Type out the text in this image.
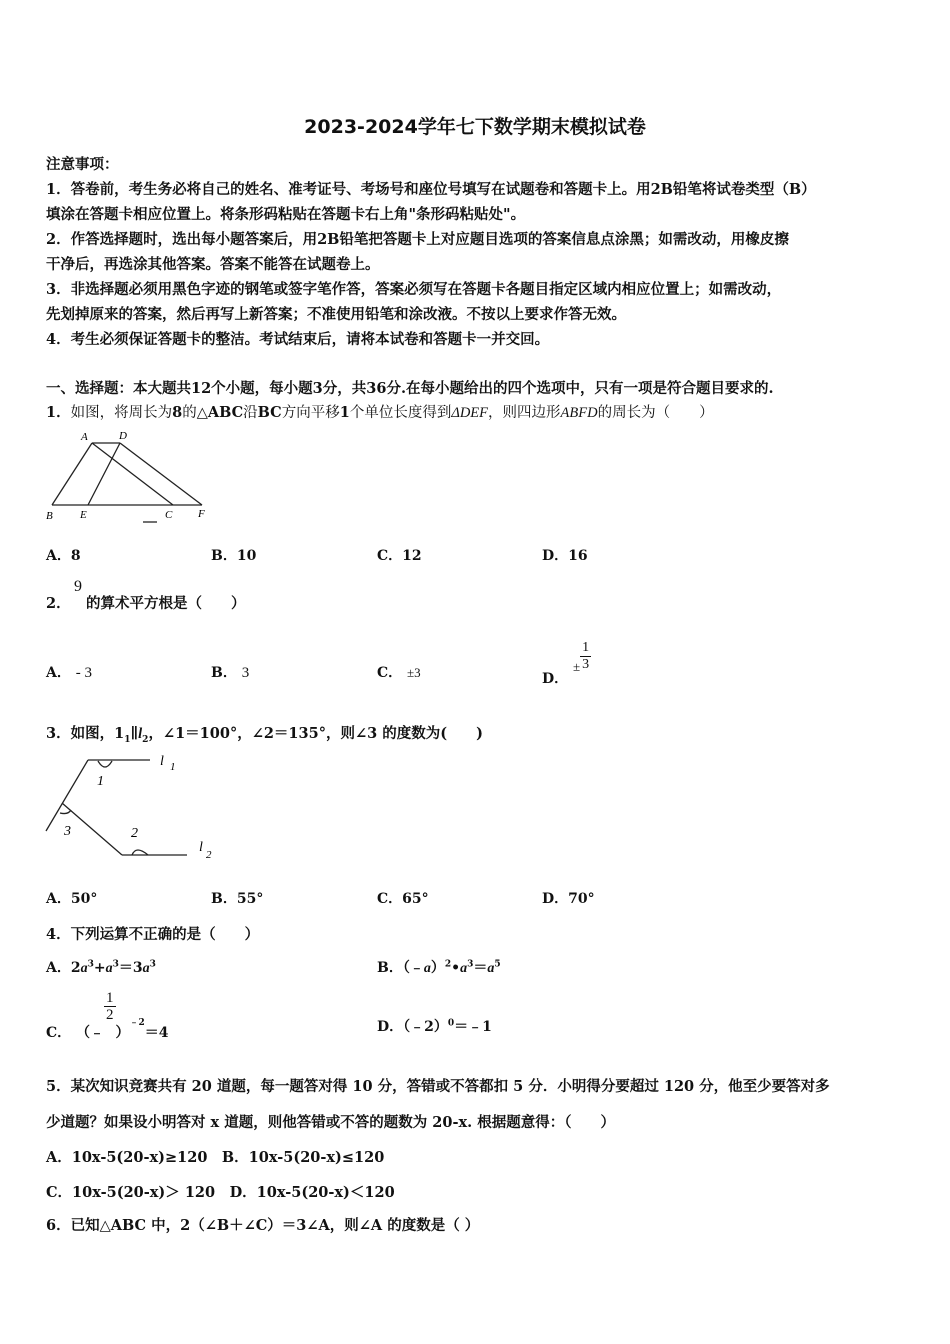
2023-2024学年七下数学期末模拟试卷
注意事项：
1．答卷前，考生务必将自己的姓名、准考证号、考场号和座位号填写在试题卷和答题卡上。用2B铅笔将试卷类型（B）
填涂在答题卡相应位置上。将条形码粘贴在答题卡右上角"条形码粘贴处"。
2．作答选择题时，选出每小题答案后，用2B铅笔把答题卡上对应题目选项的答案信息点涂黑；如需改动，用橡皮擦
干净后，再选涂其他答案。答案不能答在试题卷上。
3．非选择题必须用黑色字迹的钢笔或签字笔作答，答案必须写在答题卡各题目指定区域内相应位置上；如需改动，
先划掉原来的答案，然后再写上新答案；不准使用铅笔和涂改液。不按以上要求作答无效。
4．考生必须保证答题卡的整洁。考试结束后，请将本试卷和答题卡一并交回。
一、选择题：本大题共12个小题，每小题3分，共36分.在每小题给出的四个选项中，只有一项是符合题目要求的.
1．如图，将周长为8的△ABC沿BC方向平移1个单位长度得到ΔDEF，则四边形ABFD的周长为（　　）
A	D
B E	C F
A．8	B．10	C．12	D．16
2．
9
的算术平方根是（　　）
A． - 3	B． 3	C． ±3	D． ± $\frac{1}{3}$
3．如图，$1_1\parallel l_2$，∠1＝100°，∠2＝135°，则∠3 的度数为(　　)
l 1
1
3	2
l 2
A．50°	B．55°	C．65°	D．70°
4．下列运算不正确的是（　　）
A．$2a^3+a^3=3a^3$	B．$(﹣a)^2•a^3=a^5$
C． （﹣
$\frac{1}{2}$
）$^{﹣2}$＝4	D．（﹣2）$^0$＝﹣1
5．某次知识竞赛共有 20 道题，每一题答对得 10 分，答错或不答都扣 5 分．小明得分要超过 120 分，他至少要答对多
少道题？如果设小明答对 x 道题，则他答错或不答的题数为 20-x. 根据题意得：（　　）
A．10x-5(20-x)≥120　B．10x-5(20-x)≤120
C．10x-5(20-x)＞ 120　D．10x-5(20-x)＜120
6．已知△ABC 中，2（∠B＋∠C）＝3∠A，则∠A 的度数是（ ）
